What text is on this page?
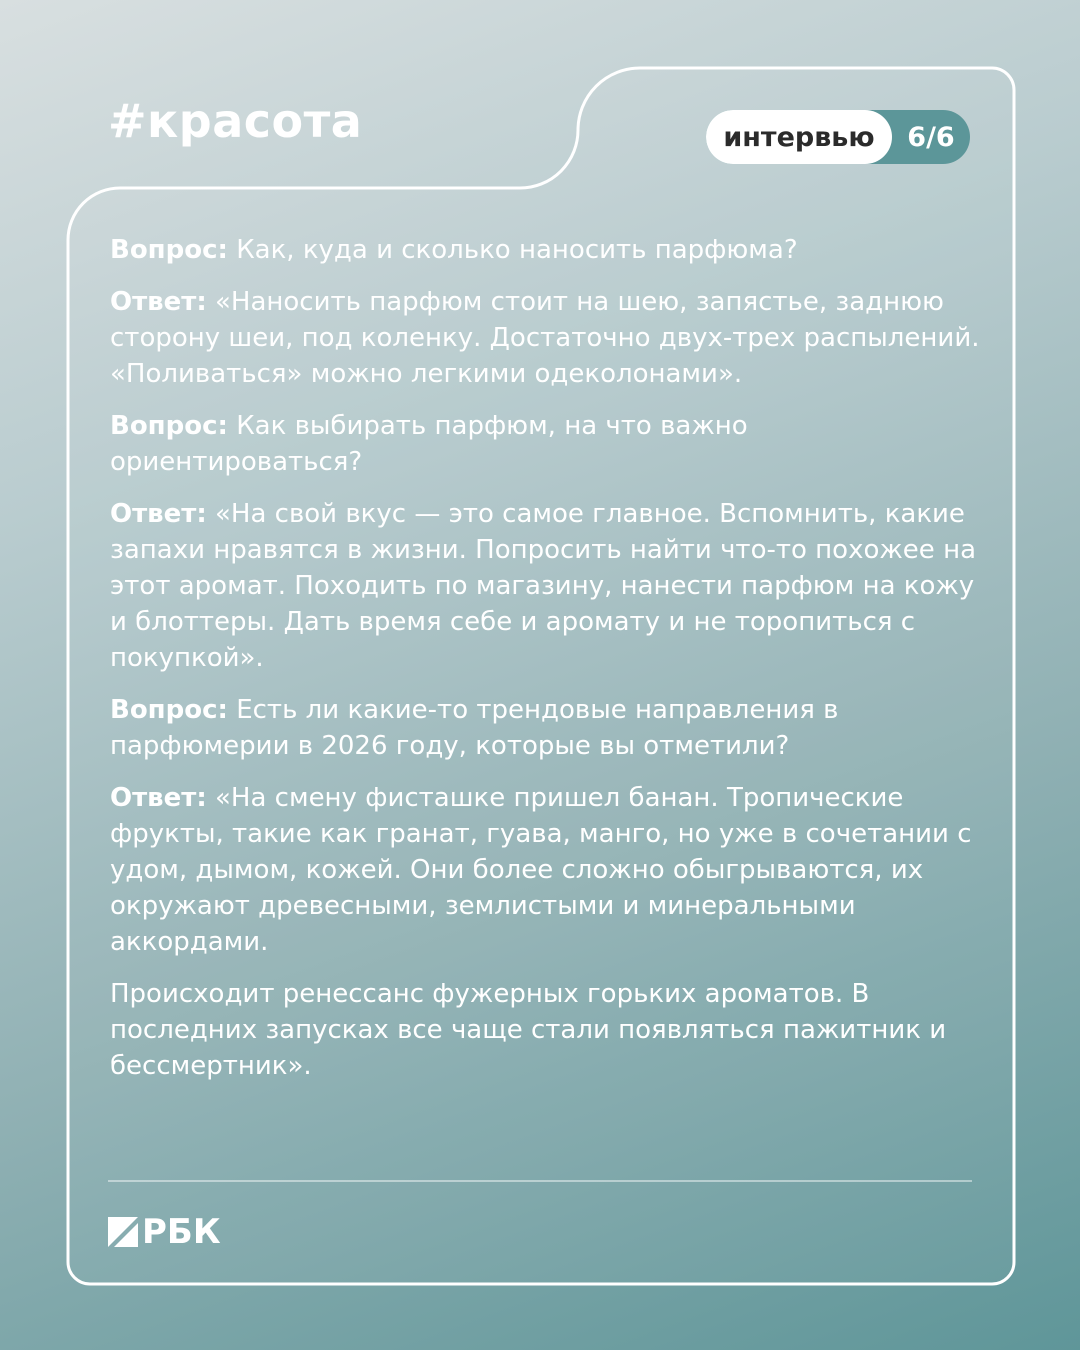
#красота	интервью	6/6

Вопрос: Как, куда и сколько наносить парфюма?

Ответ: «Наносить парфюм стоит на шею, запястье, заднюю сторону шеи, под коленку. Достаточно двух-трех распылений. «Поливаться» можно легкими одеколонами».

Вопрос: Как выбирать парфюм, на что важно ориентироваться?

Ответ: «На свой вкус — это самое главное. Вспомнить, какие запахи нравятся в жизни. Попросить найти что-то похожее на этот аромат. Походить по магазину, нанести парфюм на кожу и блоттеры. Дать время себе и аромату и не торопиться с покупкой».

Вопрос: Есть ли какие-то трендовые направления в парфюмерии в 2026 году, которые вы отметили?

Ответ: «На смену фисташке пришел банан. Тропические фрукты, такие как гранат, гуава, манго, но уже в сочетании с удом, дымом, кожей. Они более сложно обыгрываются, их окружают древесными, землистыми и минеральными аккордами.

Происходит ренессанс фужерных горьких ароматов. В последних запусках все чаще стали появляться пажитник и бессмертник».

РБК
